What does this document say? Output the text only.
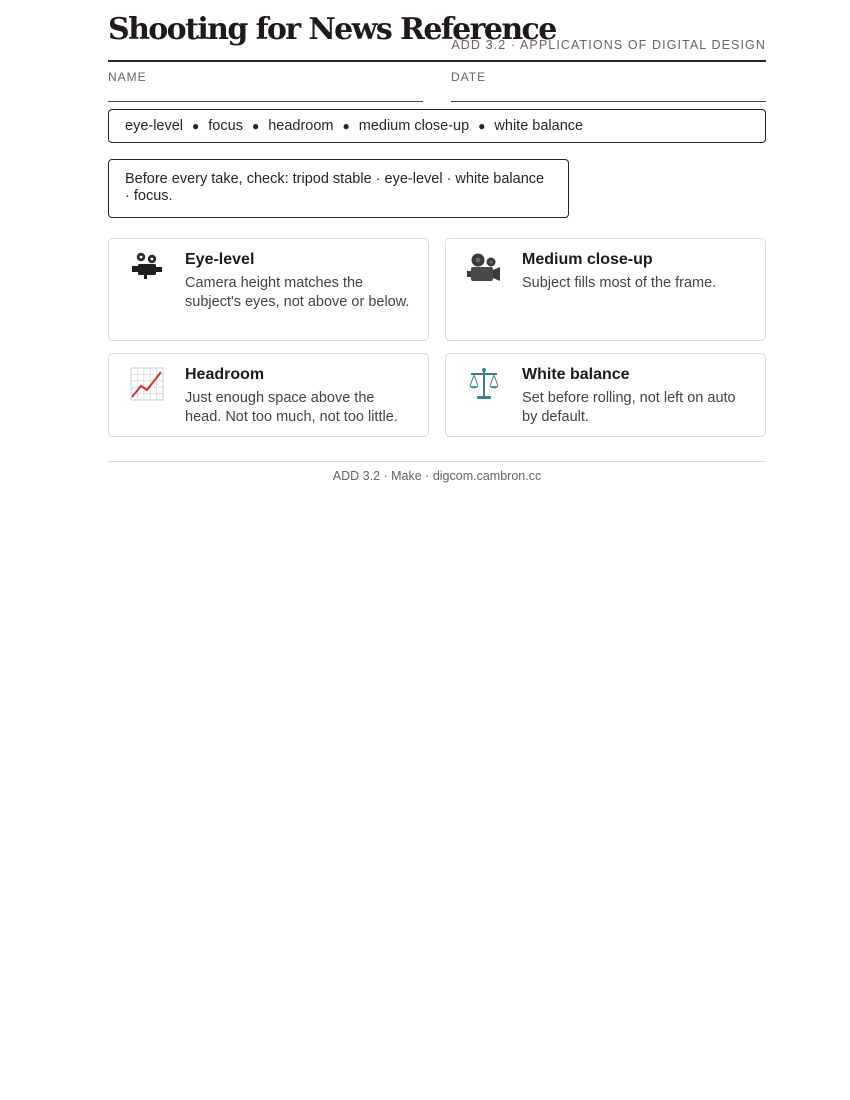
Shooting for News Reference
ADD 3.2 · APPLICATIONS OF DIGITAL DESIGN
NAME	DATE
eye-level ● focus ● headroom ● medium close-up ● white balance
Before every take, check: tripod stable · eye-level · white balance · focus.
Eye-level
Camera height matches the subject's eyes, not above or below.
Medium close-up
Subject fills most of the frame.
Headroom
Just enough space above the head. Not too much, not too little.
White balance
Set before rolling, not left on auto by default.
ADD 3.2 · Make · digcom.cambron.cc
